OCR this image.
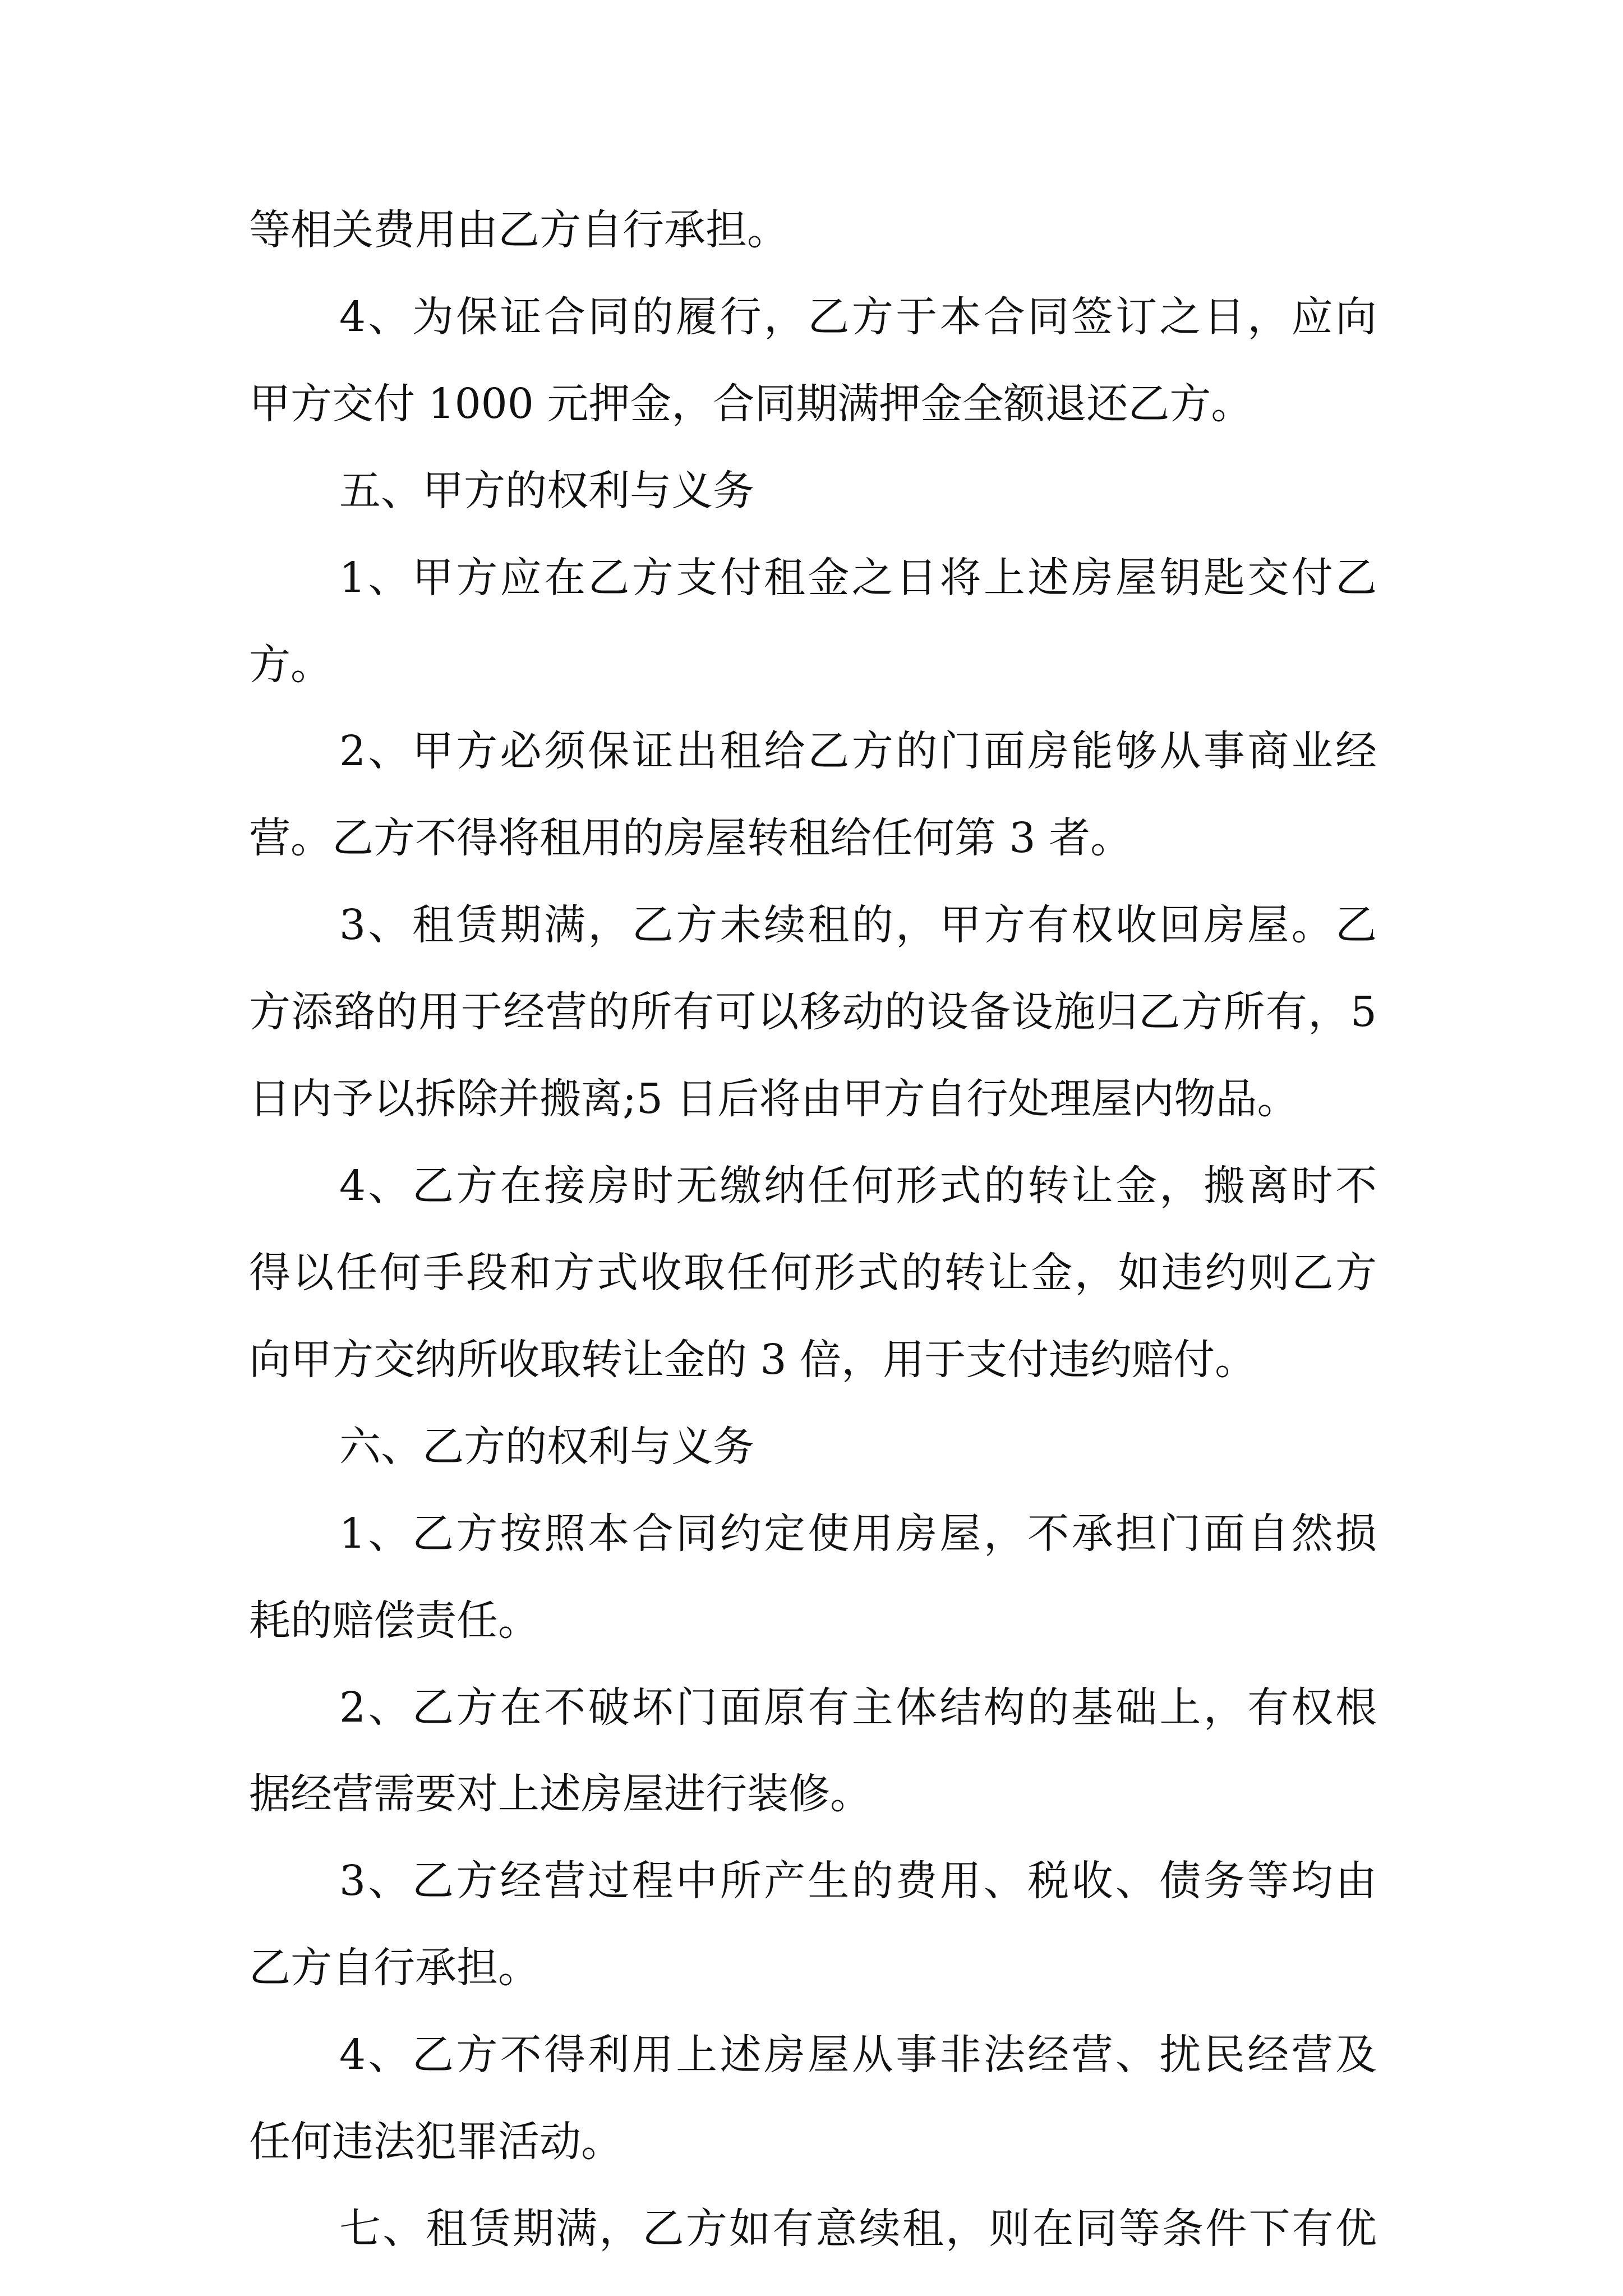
等相关费用由乙方自行承担。
4、为保证合同的履行，乙方于本合同签订之日，应向
甲方交付 1000 元押金，合同期满押金全额退还乙方。
五、甲方的权利与义务
1、甲方应在乙方支付租金之日将上述房屋钥匙交付乙
方。
2、甲方必须保证出租给乙方的门面房能够从事商业经
营。乙方不得将租用的房屋转租给任何第 3 者。
3、租赁期满，乙方未续租的，甲方有权收回房屋。乙
方添臵的用于经营的所有可以移动的设备设施归乙方所有，5
日内予以拆除并搬离;5 日后将由甲方自行处理屋内物品。
4、乙方在接房时无缴纳任何形式的转让金，搬离时不
得以任何手段和方式收取任何形式的转让金，如违约则乙方
向甲方交纳所收取转让金的 3 倍，用于支付违约赔付。
六、乙方的权利与义务
1、乙方按照本合同约定使用房屋，不承担门面自然损
耗的赔偿责任。
2、乙方在不破坏门面原有主体结构的基础上，有权根
据经营需要对上述房屋进行装修。
3、乙方经营过程中所产生的费用、税收、债务等均由
乙方自行承担。
4、乙方不得利用上述房屋从事非法经营、扰民经营及
任何违法犯罪活动。
七、租赁期满，乙方如有意续租，则在同等条件下有优
